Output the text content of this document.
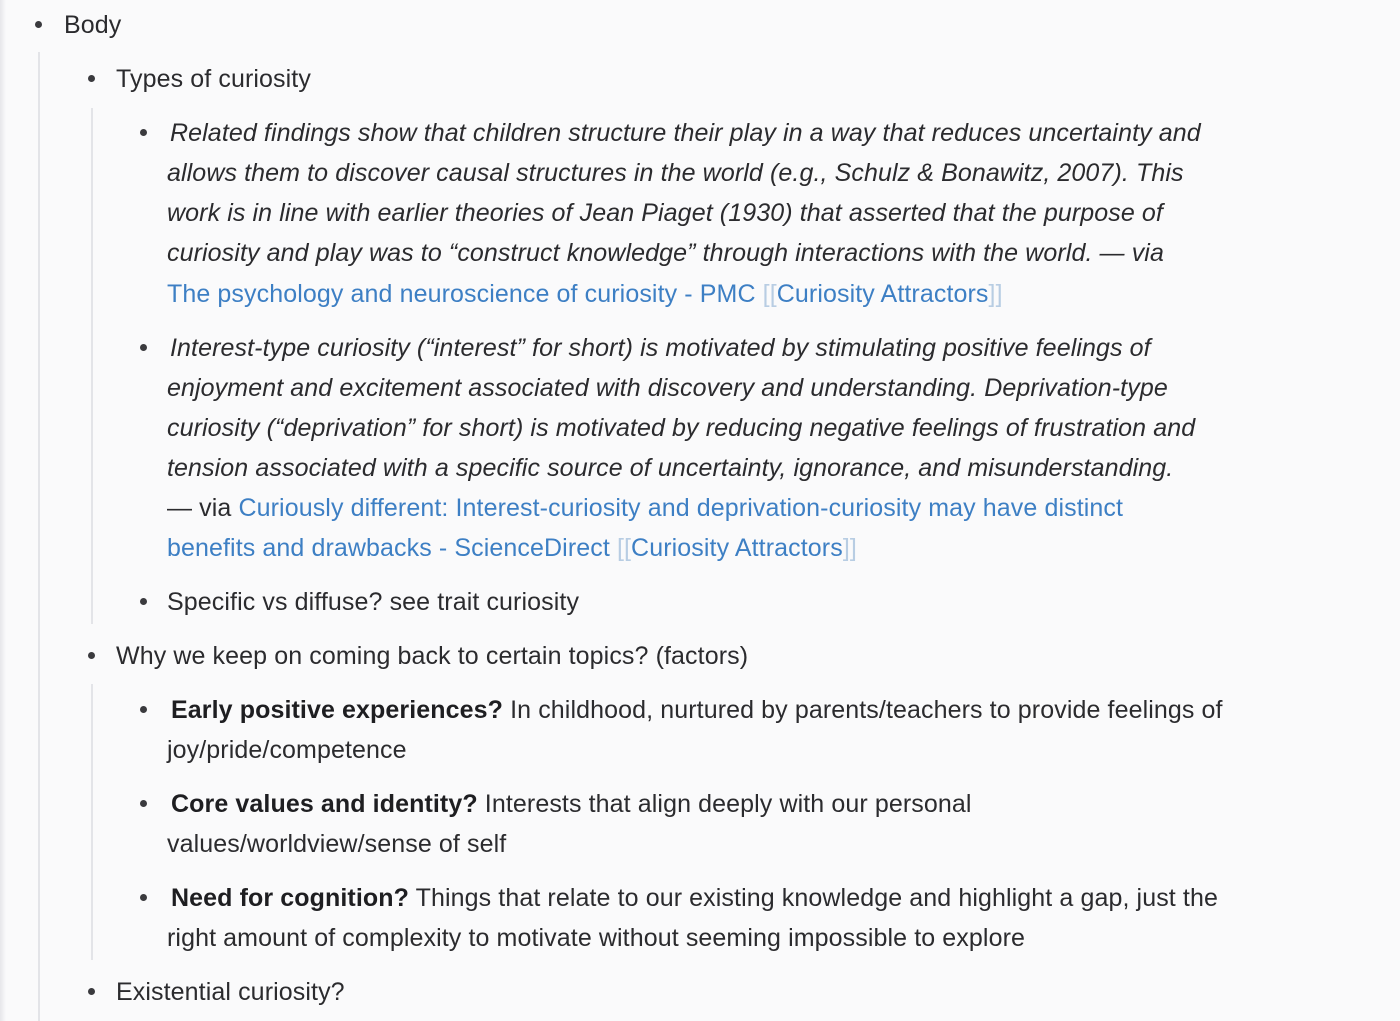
Body
Types of curiosity
Related findings show that children structure their play in a way that reduces uncertainty and
allows them to discover causal structures in the world (e.g., Schulz & Bonawitz, 2007). This
work is in line with earlier theories of Jean Piaget (1930) that asserted that the purpose of
curiosity and play was to “construct knowledge” through interactions with the world. — via
The psychology and neuroscience of curiosity - PMC [[Curiosity Attractors]]
Interest-type curiosity (“interest” for short) is motivated by stimulating positive feelings of
enjoyment and excitement associated with discovery and understanding. Deprivation-type
curiosity (“deprivation” for short) is motivated by reducing negative feelings of frustration and
tension associated with a specific source of uncertainty, ignorance, and misunderstanding.
— via Curiously different: Interest-curiosity and deprivation-curiosity may have distinct
benefits and drawbacks - ScienceDirect [[Curiosity Attractors]]
Specific vs diffuse? see trait curiosity
Why we keep on coming back to certain topics? (factors)
Early positive experiences? In childhood, nurtured by parents/teachers to provide feelings of
joy/pride/competence
Core values and identity? Interests that align deeply with our personal
values/worldview/sense of self
Need for cognition? Things that relate to our existing knowledge and highlight a gap, just the
right amount of complexity to motivate without seeming impossible to explore
Existential curiosity?
